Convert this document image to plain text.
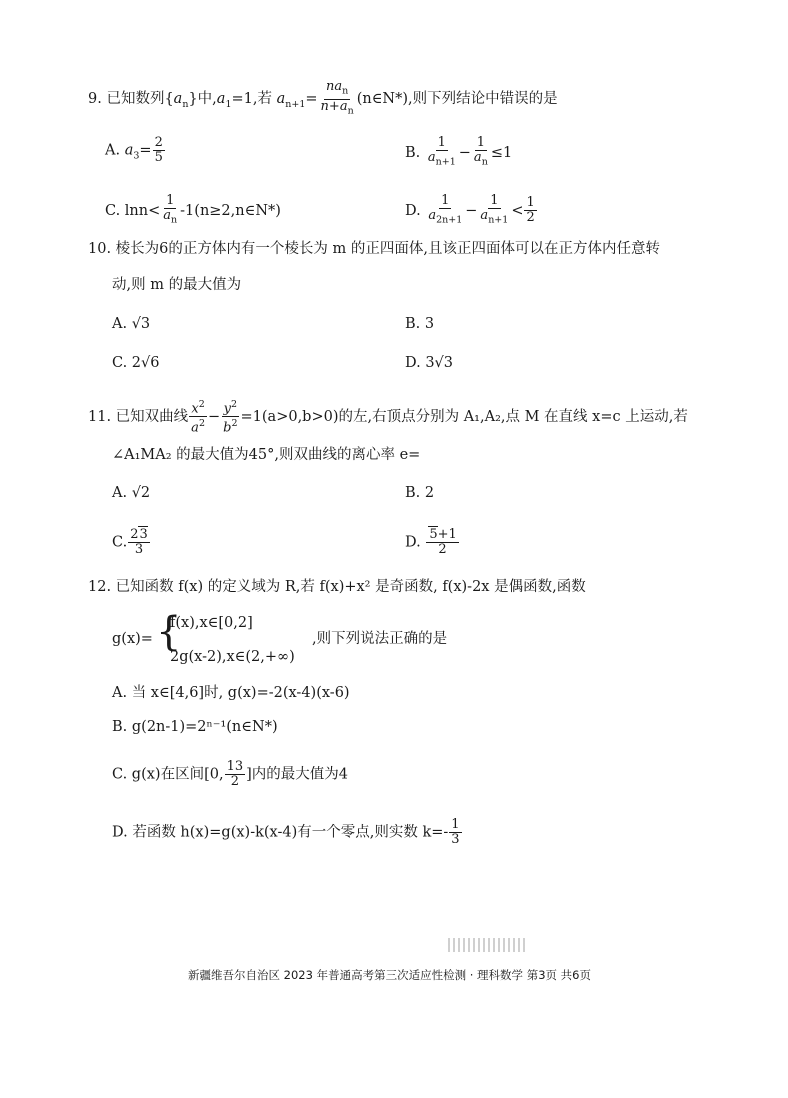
9. 已知数列$\{a_n\}$中$,a_1=1$,若 $a_{n+1}= \frac{na_n}{n+a_n}$ (n∈N*),则下列结论中错误的是
A. $a_3= \frac{2}{5}$	B. $\frac{1}{a_{n+1}} - \frac{1}{a_n} \le 1$
C. $\ln n< \frac{1}{a_n}$ -1(n≥2,n∈N*)	D. $\frac{1}{a_{2n+1}} - \frac{1}{a_{n+1}} < \frac{1}{2}$
10. 棱长为6的正方体内有一个棱长为 m 的正四面体,且该正四面体可以在正方体内任意转
动,则 m 的最大值为
A. √3	B. 3
C. 2√6	D. 3√3
11. 已知双曲线 $\frac{x^2}{a^2} - \frac{y^2}{b^2} =1(a>0,b>0)$的左,右顶点分别为 A₁,A₂,点 M 在直线 x=c 上运动,若
∠A₁MA₂ 的最大值为45°,则双曲线的离心率 e=
A. √2	B. 2
C. $\frac{23}{3}$	D. $\frac{5+1}{2}$
12. 已知函数 f(x) 的定义域为 R,若 f(x)+x² 是奇函数, f(x)-2x 是偶函数,函数
g(x)= {
f(x),x∈[0,2]
2g(x-2),x∈(2,+∞)
,则下列说法正确的是
A. 当 x∈[4,6]时, g(x)=-2(x-4)(x-6)
B. g(2n-1)=2ⁿ⁻¹(n∈N*)
C. g(x)在区间[0, $\frac{13}{2}$ ]内的最大值为4
D. 若函数 h(x)=g(x)-k(x-4)有一个零点,则实数 $k=- \frac{1}{3}$
新疆维吾尔自治区 2023 年普通高考第三次适应性检测 · 理科数学 第3页 共6页
